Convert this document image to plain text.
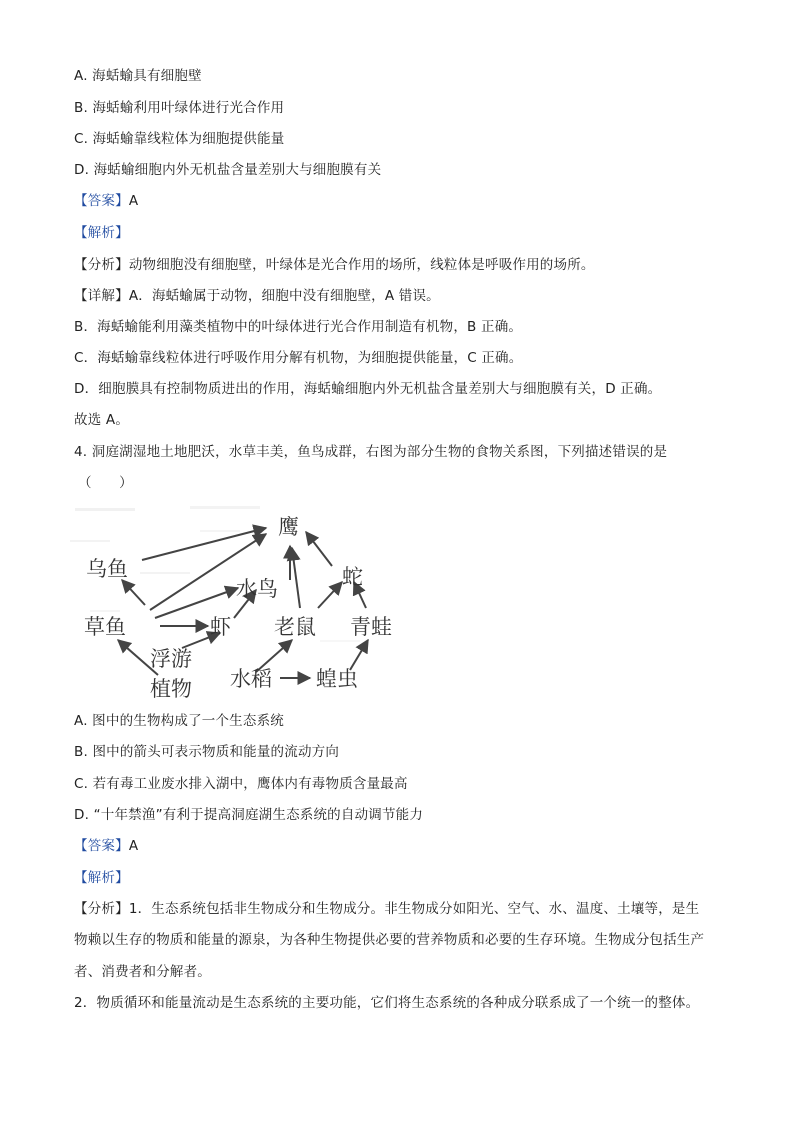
A. 海蛞蝓具有细胞壁
B. 海蛞蝓利用叶绿体进行光合作用
C. 海蛞蝓靠线粒体为细胞提供能量
D. 海蛞蝓细胞内外无机盐含量差别大与细胞膜有关
【答案】A
【解析】
【分析】动物细胞没有细胞壁，叶绿体是光合作用的场所，线粒体是呼吸作用的场所。
【详解】A．海蛞蝓属于动物，细胞中没有细胞壁，A 错误。
B．海蛞蝓能利用藻类植物中的叶绿体进行光合作用制造有机物，B 正确。
C．海蛞蝓靠线粒体进行呼吸作用分解有机物，为细胞提供能量，C 正确。
D．细胞膜具有控制物质进出的作用，海蛞蝓细胞内外无机盐含量差别大与细胞膜有关，D 正确。
故选 A。
4. 洞庭湖湿地土地肥沃，水草丰美，鱼鸟成群，右图为部分生物的食物关系图，下列描述错误的是
（　　）
鹰
乌鱼
水鸟	蛇
草鱼	虾 老鼠 青蛙
浮游
植物 水稻 蝗虫
A. 图中的生物构成了一个生态系统
B. 图中的箭头可表示物质和能量的流动方向
C. 若有毒工业废水排入湖中，鹰体内有毒物质含量最高
D. “十年禁渔”有利于提高洞庭湖生态系统的自动调节能力
【答案】A
【解析】
【分析】1．生态系统包括非生物成分和生物成分。非生物成分如阳光、空气、水、温度、土壤等，是生
物赖以生存的物质和能量的源泉，为各种生物提供必要的营养物质和必要的生存环境。生物成分包括生产
者、消费者和分解者。
2．物质循环和能量流动是生态系统的主要功能，它们将生态系统的各种成分联系成了一个统一的整体。
